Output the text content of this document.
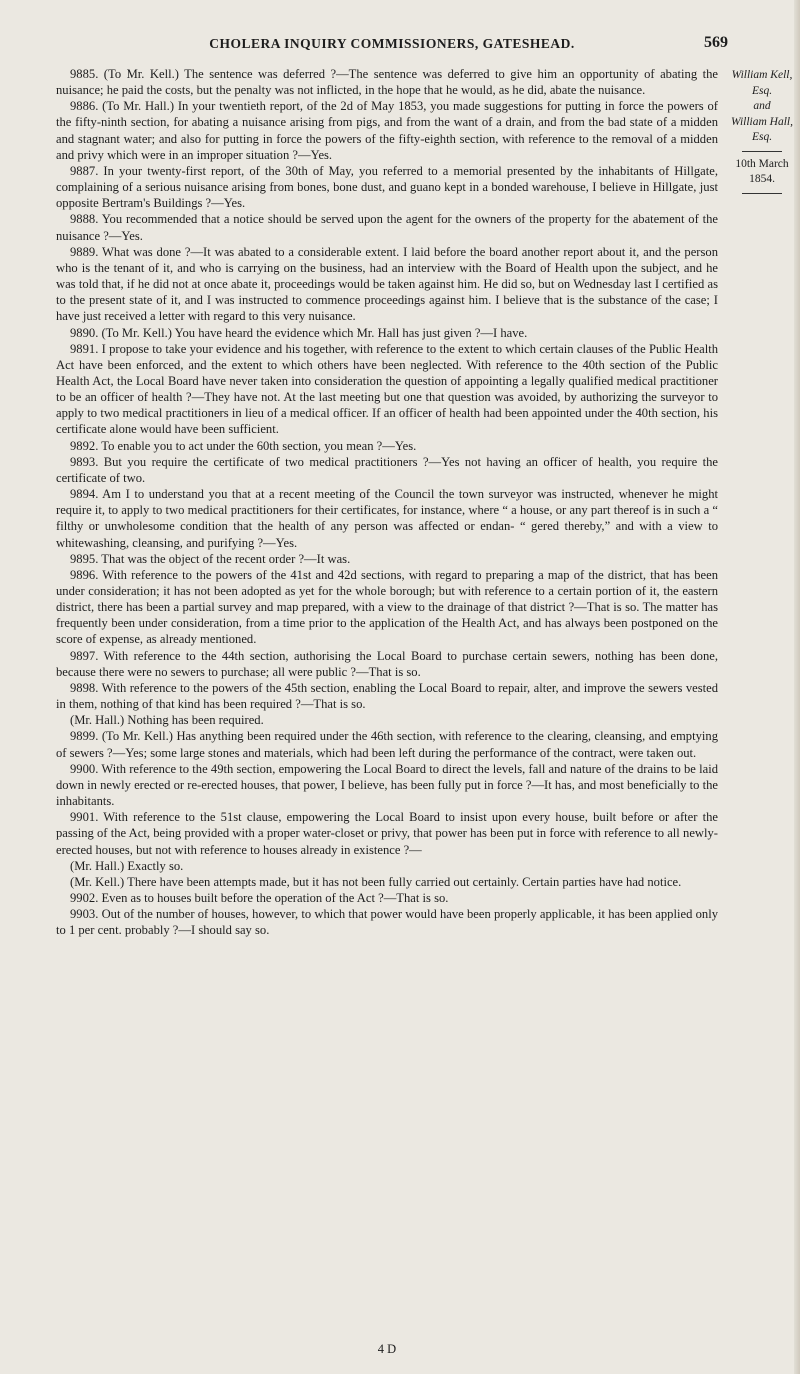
CHOLERA INQUIRY COMMISSIONERS, GATESHEAD.	569
William Kell, Esq.
and
William Hall, Esq.
10th March 1854.

9885. (To Mr. Kell.) The sentence was deferred ?—The sentence was deferred to give him an opportunity of abating the nuisance; he paid the costs, but the penalty was not inflicted, in the hope that he would, as he did, abate the nuisance.

9886. (To Mr. Hall.) In your twentieth report, of the 2d of May 1853, you made suggestions for putting in force the powers of the fifty-ninth section, for abating a nuisance arising from pigs, and from the want of a drain, and from the bad state of a midden and stagnant water; and also for putting in force the powers of the fifty-eighth section, with reference to the removal of a midden and privy which were in an improper situation ?—Yes.

9887. In your twenty-first report, of the 30th of May, you referred to a memorial presented by the inhabitants of Hillgate, complaining of a serious nuisance arising from bones, bone dust, and guano kept in a bonded warehouse, I believe in Hillgate, just opposite Bertram's Buildings ?—Yes.

9888. You recommended that a notice should be served upon the agent for the owners of the property for the abatement of the nuisance ?—Yes.

9889. What was done ?—It was abated to a considerable extent. I laid before the board another report about it, and the person who is the tenant of it, and who is carrying on the business, had an interview with the Board of Health upon the subject, and he was told that, if he did not at once abate it, proceedings would be taken against him. He did so, but on Wednesday last I certified as to the present state of it, and I was instructed to commence proceedings against him. I believe that is the substance of the case; I have just received a letter with regard to this very nuisance.

9890. (To Mr. Kell.) You have heard the evidence which Mr. Hall has just given ?—I have.

9891. I propose to take your evidence and his together, with reference to the extent to which certain clauses of the Public Health Act have been enforced, and the extent to which others have been neglected. With reference to the 40th section of the Public Health Act, the Local Board have never taken into consideration the question of appointing a legally qualified medical practitioner to be an officer of health ?—They have not. At the last meeting but one that question was avoided, by authorizing the surveyor to apply to two medical practitioners in lieu of a medical officer. If an officer of health had been appointed under the 40th section, his certificate alone would have been sufficient.

9892. To enable you to act under the 60th section, you mean ?—Yes.

9893. But you require the certificate of two medical practitioners ?—Yes not having an officer of health, you require the certificate of two.

9894. Am I to understand you that at a recent meeting of the Council the town surveyor was instructed, whenever he might require it, to apply to two medical practitioners for their certificates, for instance, where “ a house, or any part thereof is in such a “ filthy or unwholesome condition that the health of any person was affected or endan- “ gered thereby,” and with a view to whitewashing, cleansing, and purifying ?—Yes.

9895. That was the object of the recent order ?—It was.

9896. With reference to the powers of the 41st and 42d sections, with regard to preparing a map of the district, that has been under consideration; it has not been adopted as yet for the whole borough; but with reference to a certain portion of it, the eastern district, there has been a partial survey and map prepared, with a view to the drainage of that district ?—That is so. The matter has frequently been under consideration, from a time prior to the application of the Health Act, and has always been postponed on the score of expense, as already mentioned.

9897. With reference to the 44th section, authorising the Local Board to purchase certain sewers, nothing has been done, because there were no sewers to purchase; all were public ?—That is so.

9898. With reference to the powers of the 45th section, enabling the Local Board to repair, alter, and improve the sewers vested in them, nothing of that kind has been required ?—That is so.

(Mr. Hall.) Nothing has been required.

9899. (To Mr. Kell.) Has anything been required under the 46th section, with reference to the clearing, cleansing, and emptying of sewers ?—Yes; some large stones and materials, which had been left during the performance of the contract, were taken out.

9900. With reference to the 49th section, empowering the Local Board to direct the levels, fall and nature of the drains to be laid down in newly erected or re-erected houses, that power, I believe, has been fully put in force ?—It has, and most beneficially to the inhabitants.

9901. With reference to the 51st clause, empowering the Local Board to insist upon every house, built before or after the passing of the Act, being provided with a proper water-closet or privy, that power has been put in force with reference to all newly-erected houses, but not with reference to houses already in existence ?—

(Mr. Hall.) Exactly so.

(Mr. Kell.) There have been attempts made, but it has not been fully carried out certainly. Certain parties have had notice.

9902. Even as to houses built before the operation of the Act ?—That is so.

9903. Out of the number of houses, however, to which that power would have been properly applicable, it has been applied only to 1 per cent. probably ?—I should say so.

4 D
